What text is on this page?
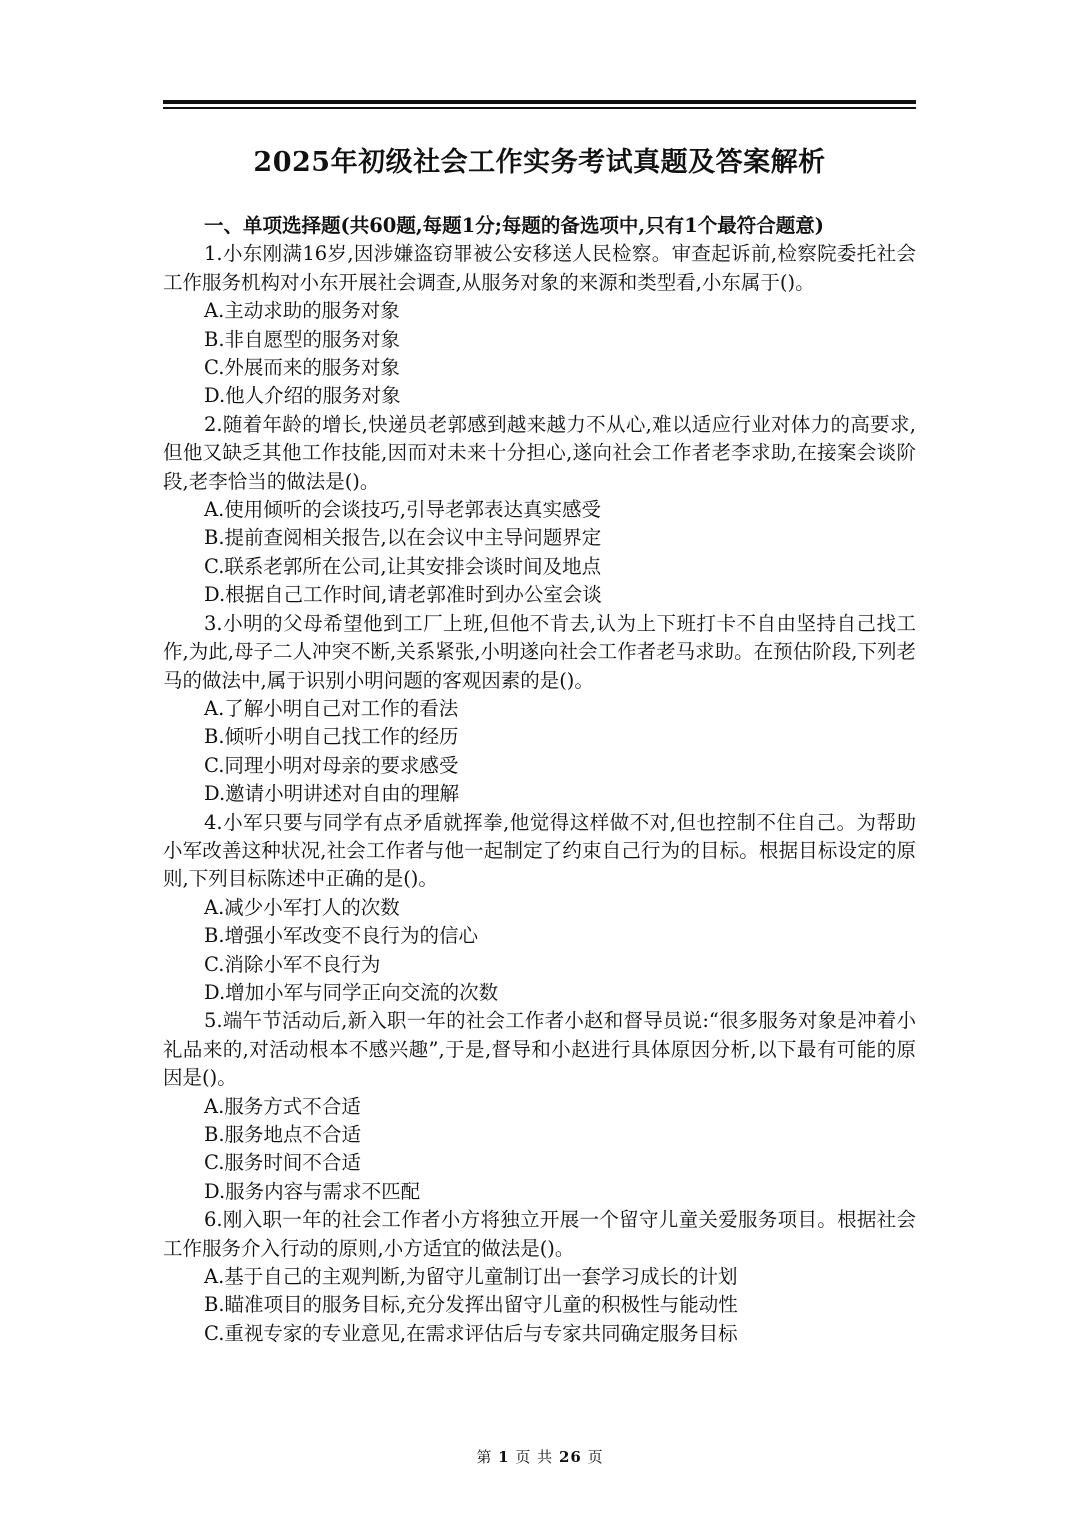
2025年初级社会工作实务考试真题及答案解析

一、单项选择题(共60题,每题1分;每题的备选项中,只有1个最符合题意)

1.小东刚满16岁,因涉嫌盗窃罪被公安移送人民检察。审查起诉前,检察院委托社会工作服务机构对小东开展社会调查,从服务对象的来源和类型看,小东属于()。

A.主动求助的服务对象

B.非自愿型的服务对象

C.外展而来的服务对象

D.他人介绍的服务对象

2.随着年龄的增长,快递员老郭感到越来越力不从心,难以适应行业对体力的高要求,但他又缺乏其他工作技能,因而对未来十分担心,遂向社会工作者老李求助,在接案会谈阶段,老李恰当的做法是()。

A.使用倾听的会谈技巧,引导老郭表达真实感受

B.提前查阅相关报告,以在会议中主导问题界定

C.联系老郭所在公司,让其安排会谈时间及地点

D.根据自己工作时间,请老郭准时到办公室会谈

3.小明的父母希望他到工厂上班,但他不肯去,认为上下班打卡不自由坚持自己找工作,为此,母子二人冲突不断,关系紧张,小明遂向社会工作者老马求助。在预估阶段,下列老马的做法中,属于识别小明问题的客观因素的是()。

A.了解小明自己对工作的看法

B.倾听小明自己找工作的经历

C.同理小明对母亲的要求感受

D.邀请小明讲述对自由的理解

4.小军只要与同学有点矛盾就挥拳,他觉得这样做不对,但也控制不住自己。为帮助小军改善这种状况,社会工作者与他一起制定了约束自己行为的目标。根据目标设定的原则,下列目标陈述中正确的是()。

A.减少小军打人的次数

B.增强小军改变不良行为的信心

C.消除小军不良行为

D.增加小军与同学正向交流的次数

5.端午节活动后,新入职一年的社会工作者小赵和督导员说:“很多服务对象是冲着小礼品来的,对活动根本不感兴趣”,于是,督导和小赵进行具体原因分析,以下最有可能的原因是()。

A.服务方式不合适

B.服务地点不合适

C.服务时间不合适

D.服务内容与需求不匹配

6.刚入职一年的社会工作者小方将独立开展一个留守儿童关爱服务项目。根据社会工作服务介入行动的原则,小方适宜的做法是()。

A.基于自己的主观判断,为留守儿童制订出一套学习成长的计划

B.瞄准项目的服务目标,充分发挥出留守儿童的积极性与能动性

C.重视专家的专业意见,在需求评估后与专家共同确定服务目标

第 1 页 共 26 页
